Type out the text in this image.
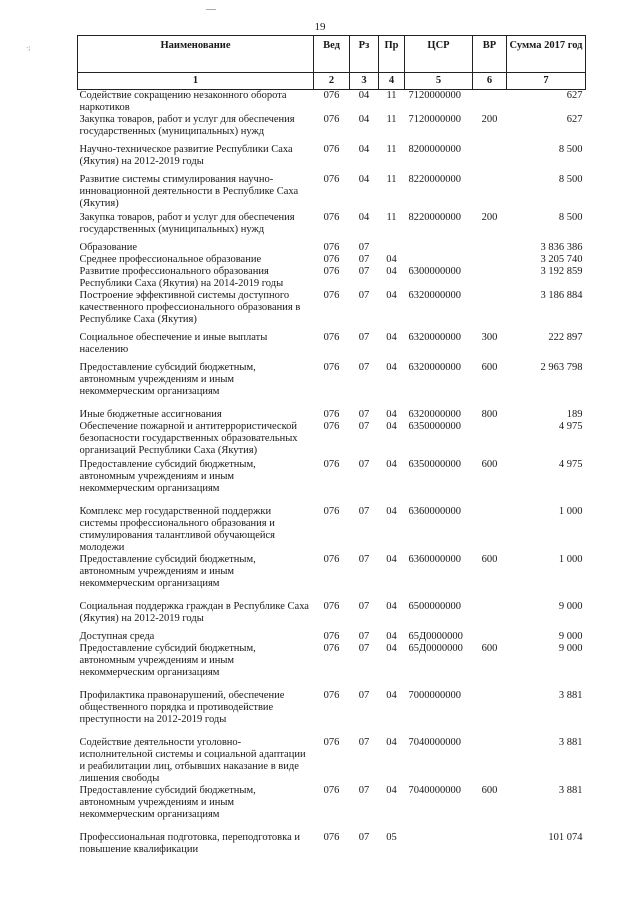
·;
19
Наименование	Вед	Рз	Пр	ЦСР	ВР	Сумма 2017 год
1	2	3	4	5	6	7
Содействие сокращению незаконного оборота наркотиков	076	04	11	7120000000		627
Закупка товаров, работ и услуг для обеспечения государственных (муниципальных) нужд	076	04	11	7120000000	200	627
Научно-техническое развитие Республики Саха (Якутия) на 2012-2019 годы	076	04	11	8200000000		8 500
Развитие системы стимулирования научно-инновационной деятельности в Республике Саха (Якутия)	076	04	11	8220000000		8 500
Закупка товаров, работ и услуг для обеспечения государственных (муниципальных) нужд	076	04	11	8220000000	200	8 500
Образование	076	07				3 836 386
Среднее профессиональное образование	076	07	04			3 205 740
Развитие профессионального образования Республики Саха (Якутия) на 2014-2019 годы	076	07	04	6300000000		3 192 859
Построение эффективной системы доступного качественного профессионального образования в Республике Саха (Якутия)	076	07	04	6320000000		3 186 884
Социальное обеспечение и иные выплаты населению	076	07	04	6320000000	300	222 897
Предоставление субсидий бюджетным, автономным учреждениям и иным некоммерческим организациям	076	07	04	6320000000	600	2 963 798
Иные бюджетные ассигнования	076	07	04	6320000000	800	189
Обеспечение пожарной и антитеррористической безопасности государственных образовательных организаций Республики Саха (Якутия)	076	07	04	6350000000		4 975
Предоставление субсидий бюджетным, автономным учреждениям и иным некоммерческим организациям	076	07	04	6350000000	600	4 975
Комплекс мер государственной поддержки системы профессионального образования и стимулирования талантливой обучающейся молодежи	076	07	04	6360000000		1 000
Предоставление субсидий бюджетным, автономным учреждениям и иным некоммерческим организациям	076	07	04	6360000000	600	1 000
Социальная поддержка граждан в Республике Саха (Якутия) на 2012-2019 годы	076	07	04	6500000000		9 000
Доступная среда	076	07	04	65Д0000000		9 000
Предоставление субсидий бюджетным, автономным учреждениям и иным некоммерческим организациям	076	07	04	65Д0000000	600	9 000
Профилактика правонарушений, обеспечение общественного порядка и противодействие преступности на 2012-2019 годы	076	07	04	7000000000		3 881
Содействие деятельности уголовно-исполнительной системы и социальной адаптации и реабилитации лиц, отбывших наказание в виде лишения свободы	076	07	04	7040000000		3 881
Предоставление субсидий бюджетным, автономным учреждениям и иным некоммерческим организациям	076	07	04	7040000000	600	3 881
Профессиональная подготовка, переподготовка и повышение квалификации	076	07	05			101 074
